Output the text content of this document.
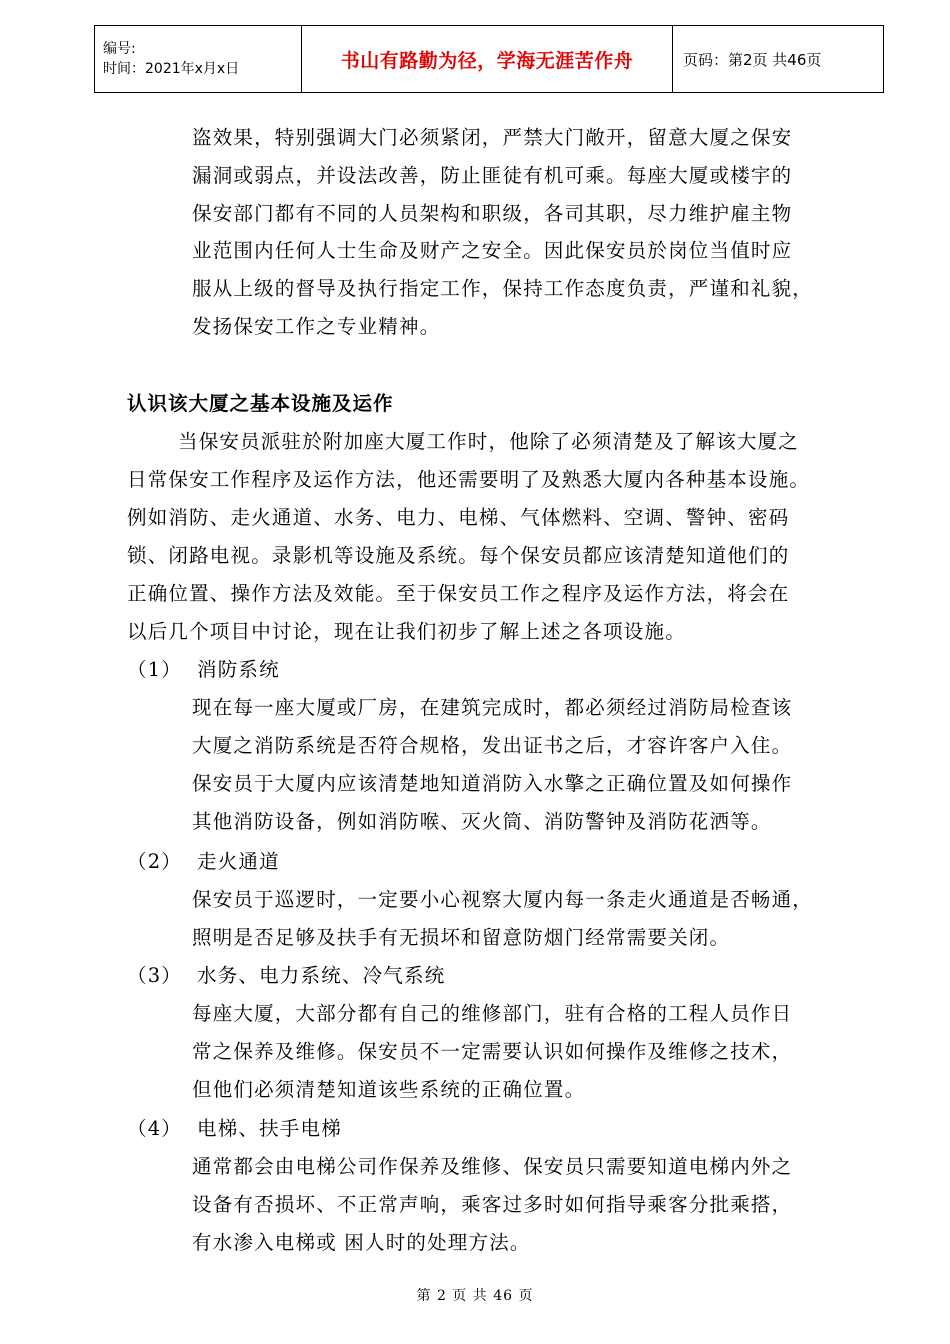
编号:
时间：2021年x月x日	书山有路勤为径，学海无涯苦作舟	页码：第2页 共46页
盗效果，特别强调大门必须紧闭，严禁大门敞开，留意大厦之保安
漏洞或弱点，并设法改善，防止匪徒有机可乘。每座大厦或楼宇的
保安部门都有不同的人员架构和职级，各司其职，尽力维护雇主物
业范围内任何人士生命及财产之安全。因此保安员於岗位当值时应
服从上级的督导及执行指定工作，保持工作态度负责，严谨和礼貌，
发扬保安工作之专业精神。
认识该大厦之基本设施及运作
当保安员派驻於附加座大厦工作时，他除了必须清楚及了解该大厦之
日常保安工作程序及运作方法，他还需要明了及熟悉大厦内各种基本设施。
例如消防、走火通道、水务、电力、电梯、气体燃料、空调、警钟、密码
锁、闭路电视。录影机等设施及系统。每个保安员都应该清楚知道他们的
正确位置、操作方法及效能。至于保安员工作之程序及运作方法，将会在
以后几个项目中讨论，现在让我们初步了解上述之各项设施。
（1） 消防系统
现在每一座大厦或厂房，在建筑完成时，都必须经过消防局检查该
大厦之消防系统是否符合规格，发出证书之后，才容许客户入住。
保安员于大厦内应该清楚地知道消防入水擎之正确位置及如何操作
其他消防设备，例如消防喉、灭火筒、消防警钟及消防花洒等。
（2） 走火通道
保安员于巡逻时，一定要小心视察大厦内每一条走火通道是否畅通，
照明是否足够及扶手有无损坏和留意防烟门经常需要关闭。
（3） 水务、电力系统、冷气系统
每座大厦，大部分都有自己的维修部门，驻有合格的工程人员作日
常之保养及维修。保安员不一定需要认识如何操作及维修之技术，
但他们必须清楚知道该些系统的正确位置。
（4） 电梯、扶手电梯
通常都会由电梯公司作保养及维修、保安员只需要知道电梯内外之
设备有否损坏、不正常声响，乘客过多时如何指导乘客分批乘搭，
有水渗入电梯或 困人时的处理方法。
第 2 页 共 46 页
